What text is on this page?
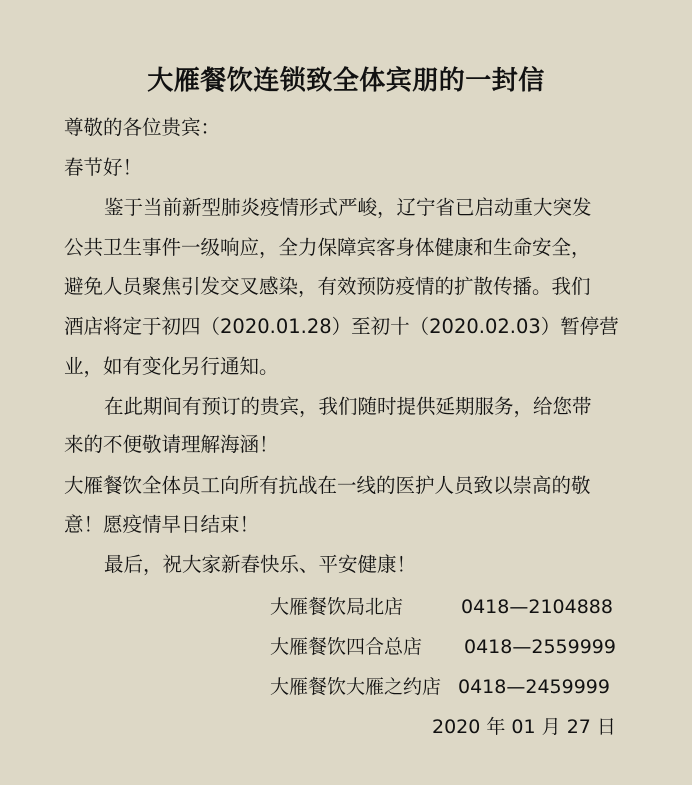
大雁餐饮连锁致全体宾朋的一封信
尊敬的各位贵宾：
春节好！
鉴于当前新型肺炎疫情形式严峻，辽宁省已启动重大突发
公共卫生事件一级响应，全力保障宾客身体健康和生命安全，
避免人员聚焦引发交叉感染，有效预防疫情的扩散传播。我们
酒店将定于初四（2020.01.28）至初十（2020.02.03）暂停营
业，如有变化另行通知。
在此期间有预订的贵宾，我们随时提供延期服务，给您带
来的不便敬请理解海涵！
大雁餐饮全体员工向所有抗战在一线的医护人员致以崇高的敬
意！愿疫情早日结束！
最后，祝大家新春快乐、平安健康！
大雁餐饮局北店	0418—2104888
大雁餐饮四合总店 0418—2559999
大雁餐饮大雁之约店 0418—2459999
2020 年 01 月 27 日
